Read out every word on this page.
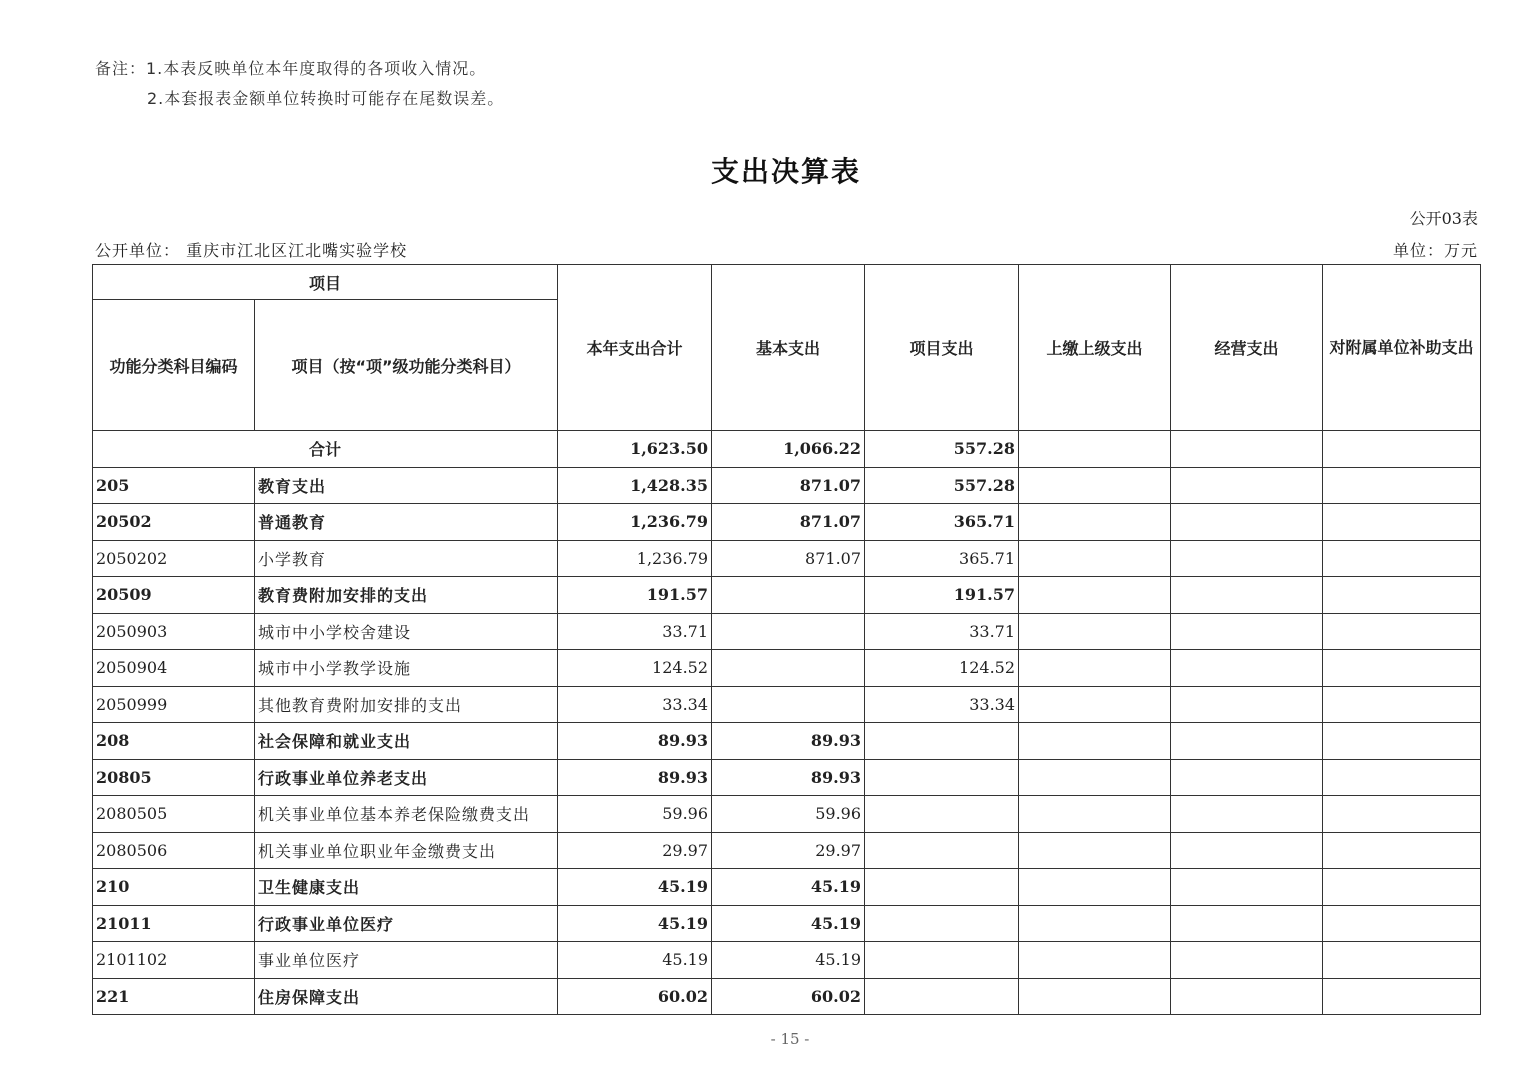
备注：1.本表反映单位本年度取得的各项收入情况。
2.本套报表金额单位转换时可能存在尾数误差。
支出决算表
公开03表
公开单位： 重庆市江北区江北嘴实验学校	单位：万元
项目		本年支出合计	基本支出	项目支出	上缴上级支出	经营支出	对附属单位补助支出
功能分类科目编码	项目（按“项”级功能分类科目）						
合计		1,623.50	1,066.22	557.28			
205	教育支出	1,428.35	871.07	557.28			
20502	普通教育	1,236.79	871.07	365.71			
2050202	小学教育	1,236.79	871.07	365.71			
20509	教育费附加安排的支出	191.57		191.57			
2050903	城市中小学校舍建设	33.71		33.71			
2050904	城市中小学教学设施	124.52		124.52			
2050999	其他教育费附加安排的支出	33.34		33.34			
208	社会保障和就业支出	89.93	89.93				
20805	行政事业单位养老支出	89.93	89.93				
2080505	机关事业单位基本养老保险缴费支出	59.96	59.96				
2080506	机关事业单位职业年金缴费支出	29.97	29.97				
210	卫生健康支出	45.19	45.19				
21011	行政事业单位医疗	45.19	45.19				
2101102	事业单位医疗	45.19	45.19				
221	住房保障支出	60.02	60.02				
- 15 -
